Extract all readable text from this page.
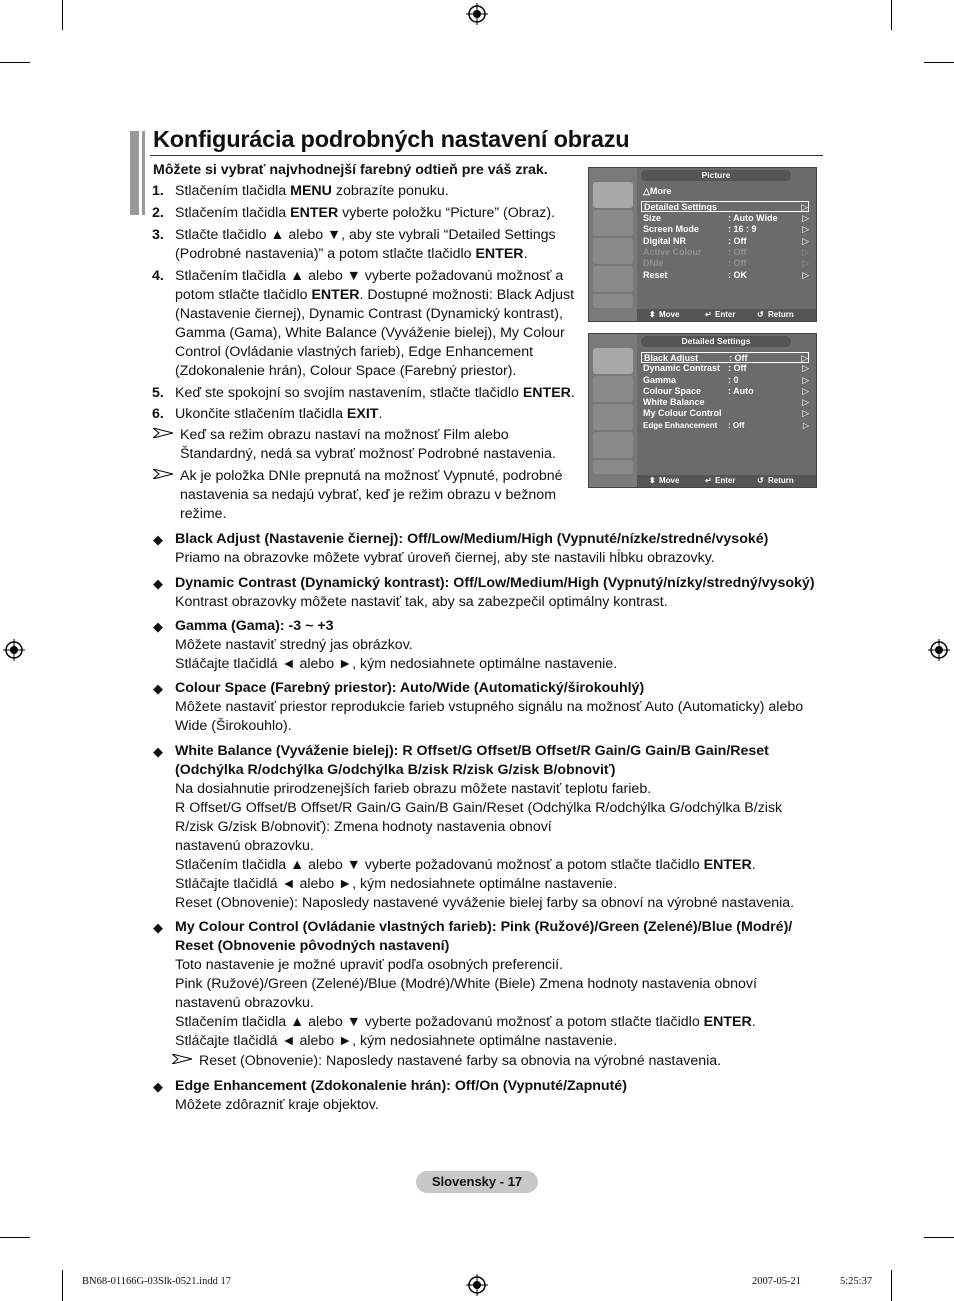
Konfigurácia podrobných nastavení obrazu
Môžete si vybrať najvhodnejší farebný odtieň pre váš zrak.
1. Stlačením tlačidla MENU zobrazíte ponuku.
2. Stlačením tlačidla ENTER vyberte položku “Picture” (Obraz).
3. Stlačte tlačidlo ▲ alebo ▼, aby ste vybrali “Detailed Settings
(Podrobné nastavenia)” a potom stlačte tlačidlo ENTER.
4. Stlačením tlačidla ▲ alebo ▼ vyberte požadovanú možnosť a
potom stlačte tlačidlo ENTER. Dostupné možnosti: Black Adjust
(Nastavenie čiernej), Dynamic Contrast (Dynamický kontrast),
Gamma (Gama), White Balance (Vyváženie bielej), My Colour
Control (Ovládanie vlastných farieb), Edge Enhancement
(Zdokonalenie hrán), Colour Space (Farebný priestor).
5. Keď ste spokojní so svojím nastavením, stlačte tlačidlo ENTER.
6. Ukončite stlačením tlačidla EXIT.
Keď sa režim obrazu nastaví na možnosť Film alebo
Štandardný, nedá sa vybrať možnosť Podrobné nastavenia.
Ak je položka DNIe prepnutá na možnosť Vypnuté, podrobné
nastavenia sa nedajú vybrať, keď je režim obrazu v bežnom
režime.
Picture
△More
Detailed Settings	▷
Size	: Auto Wide	▷
Screen Mode	: 16 : 9	▷
Digital NR	: Off	▷
Active Colour	: Off	▷
DNIe	: Off	▷
Reset	: OK	▷
⬍ Move	↵ Enter	↺ Return
Detailed Settings
Black Adjust	: Off	▷
Dynamic Contrast : Off	▷
Gamma	: 0	▷
Colour Space	: Auto	▷
White Balance	▷
My Colour Control	▷
Edge Enhancement : Off	▷
⬍ Move	↵ Enter	↺ Return
◆ Black Adjust (Nastavenie čiernej): Off/Low/Medium/High (Vypnuté/nízke/stredné/vysoké)
Priamo na obrazovke môžete vybrať úroveň čiernej, aby ste nastavili hĺbku obrazovky.
◆ Dynamic Contrast (Dynamický kontrast): Off/Low/Medium/High (Vypnutý/nízky/stredný/vysoký)
Kontrast obrazovky môžete nastaviť tak, aby sa zabezpečil optimálny kontrast.
◆ Gamma (Gama): -3 ~ +3
Môžete nastaviť stredný jas obrázkov.
Stláčajte tlačidlá ◄ alebo ►, kým nedosiahnete optimálne nastavenie.
◆ Colour Space (Farebný priestor): Auto/Wide (Automatický/širokouhlý)
Môžete nastaviť priestor reprodukcie farieb vstupného signálu na možnosť Auto (Automaticky) alebo
Wide (Širokouhlo).
◆ White Balance (Vyváženie bielej): R Offset/G Offset/B Offset/R Gain/G Gain/B Gain/Reset
(Odchýlka R/odchýlka G/odchýlka B/zisk R/zisk G/zisk B/obnoviť)
Na dosiahnutie prirodzenejších farieb obrazu môžete nastaviť teplotu farieb.
R Offset/G Offset/B Offset/R Gain/G Gain/B Gain/Reset (Odchýlka R/odchýlka G/odchýlka B/zisk
R/zisk G/zisk B/obnoviť): Zmena hodnoty nastavenia obnoví
nastavenú obrazovku.
Stlačením tlačidla ▲ alebo ▼ vyberte požadovanú možnosť a potom stlačte tlačidlo ENTER.
Stláčajte tlačidlá ◄ alebo ►, kým nedosiahnete optimálne nastavenie.
Reset (Obnovenie): Naposledy nastavené vyváženie bielej farby sa obnoví na výrobné nastavenia.
◆ My Colour Control (Ovládanie vlastných farieb): Pink (Ružové)/Green (Zelené)/Blue (Modré)/
Reset (Obnovenie pôvodných nastavení)
Toto nastavenie je možné upraviť podľa osobných preferencií.
Pink (Ružové)/Green (Zelené)/Blue (Modré)/White (Biele) Zmena hodnoty nastavenia obnoví
nastavenú obrazovku.
Stlačením tlačidla ▲ alebo ▼ vyberte požadovanú možnosť a potom stlačte tlačidlo ENTER.
Stláčajte tlačidlá ◄ alebo ►, kým nedosiahnete optimálne nastavenie.
Reset (Obnovenie): Naposledy nastavené farby sa obnovia na výrobné nastavenia.
◆ Edge Enhancement (Zdokonalenie hrán): Off/On (Vypnuté/Zapnuté)
Môžete zdôrazniť kraje objektov.
Slovensky - 17
BN68-01166G-03Slk-0521.indd 17	2007-05-21	5:25:37
